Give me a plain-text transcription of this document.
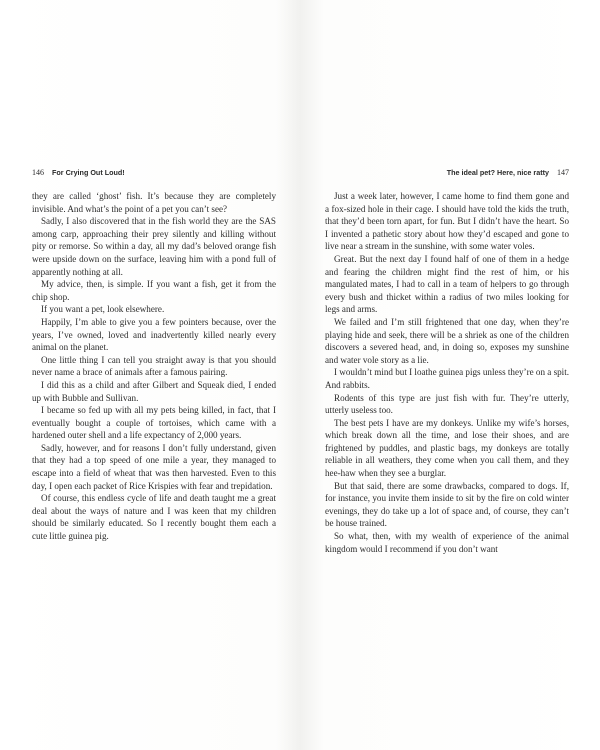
146 For Crying Out Loud!

they are called ‘ghost’ fish. It’s because they are completely invisible. And what’s the point of a pet you can’t see?

Sadly, I also discovered that in the fish world they are the SAS among carp, approaching their prey silently and killing without pity or remorse. So within a day, all my dad’s beloved orange fish were upside down on the surface, leaving him with a pond full of apparently nothing at all.

My advice, then, is simple. If you want a fish, get it from the chip shop.

If you want a pet, look elsewhere.

Happily, I’m able to give you a few pointers because, over the years, I’ve owned, loved and inadvertently killed nearly every animal on the planet.

One little thing I can tell you straight away is that you should never name a brace of animals after a famous pairing.

I did this as a child and after Gilbert and Squeak died, I ended up with Bubble and Sullivan.

I became so fed up with all my pets being killed, in fact, that I eventually bought a couple of tortoises, which came with a hardened outer shell and a life expectancy of 2,000 years.

Sadly, however, and for reasons I don’t fully understand, given that they had a top speed of one mile a year, they managed to escape into a field of wheat that was then harvested. Even to this day, I open each packet of Rice Krispies with fear and trepidation.

Of course, this endless cycle of life and death taught me a great deal about the ways of nature and I was keen that my children should be similarly educated. So I recently bought them each a cute little guinea pig.

The ideal pet? Here, nice ratty 147

Just a week later, however, I came home to find them gone and a fox-sized hole in their cage. I should have told the kids the truth, that they’d been torn apart, for fun. But I didn’t have the heart. So I invented a pathetic story about how they’d escaped and gone to live near a stream in the sunshine, with some water voles.

Great. But the next day I found half of one of them in a hedge and fearing the children might find the rest of him, or his mangulated mates, I had to call in a team of helpers to go through every bush and thicket within a radius of two miles looking for legs and arms.

We failed and I’m still frightened that one day, when they’re playing hide and seek, there will be a shriek as one of the children discovers a severed head, and, in doing so, exposes my sunshine and water vole story as a lie.

I wouldn’t mind but I loathe guinea pigs unless they’re on a spit. And rabbits.

Rodents of this type are just fish with fur. They’re utterly, utterly useless too.

The best pets I have are my donkeys. Unlike my wife’s horses, which break down all the time, and lose their shoes, and are frightened by puddles, and plastic bags, my donkeys are totally reliable in all weathers, they come when you call them, and they hee-haw when they see a burglar.

But that said, there are some drawbacks, compared to dogs. If, for instance, you invite them inside to sit by the fire on cold winter evenings, they do take up a lot of space and, of course, they can’t be house trained.

So what, then, with my wealth of experience of the animal kingdom would I recommend if you don’t want
